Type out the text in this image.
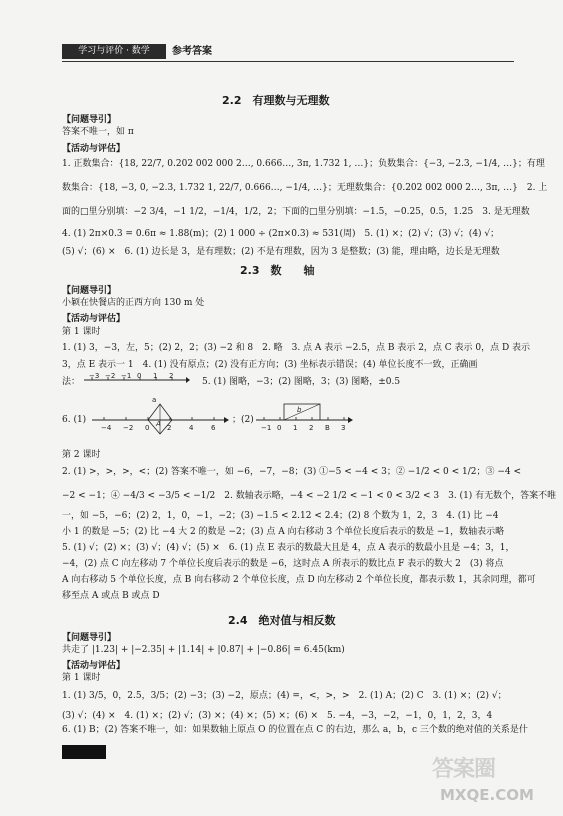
学习与评价 · 数学	参考答案
2.2　有理数与无理数
【问题导引】
答案不唯一，如 π
【活动与评估】
1. 正数集合：{18, 22/7, 0.202 002 000 2…, 0.666…, 3π, 1.732 1, …}；负数集合：{−3, −2.3, −1/4, …}；有理
数集合：{18, −3, 0, −2.3, 1.732 1, 22/7, 0.666…, −1/4, …}；无理数集合：{0.202 002 000 2…, 3π, …}　2. 上
面的□里分别填：−2 3/4，−1 1/2，−1/4，1/2，2；下面的□里分别填：−1.5，−0.25，0.5，1.25　3. 是无理数
4. (1) 2π×0.3 = 0.6π ≈ 1.88(m)；(2) 1 000 ÷ (2π×0.3) ≈ 531(周)　5. (1) ×；(2) √；(3) √；(4) √；
(5) √；(6) ×　6. (1) 边长是 3，是有理数；(2) 不是有理数，因为 3 是整数；(3) 能，理由略，边长是无理数
2.3　数　　轴
【问题导引】
小颖在快餐店的正西方向 130 m 处
【活动与评估】
第 1 课时
1. (1) 3，−3，左，5；(2) 2，2；(3) −2 和 8　2. 略　3. 点 A 表示 −2.5，点 B 表示 2，点 C 表示 0，点 D 表示
3，点 E 表示一 1　4. (1) 没有原点；(2) 没有正方向；(3) 坐标表示错误；(4) 单位长度不一致，正确画
法：
−3 −2 −1 0 1 2
5. (1) 图略，−3；(2) 图略，3；(3) 图略，±0.5
6. (1)
a
A
−4 −2 0	2	4	6
；(2)
b
−1 0 1 2 B 3
第 2 课时
2. (1) >，>，>，<；(2) 答案不唯一，如 −6，−7，−8；(3) ①−5 < −4 < 3；② −1/2 < 0 < 1/2；③ −4 <
−2 < −1；④ −4/3 < −3/5 < −1/2　2. 数轴表示略，−4 < −2 1/2 < −1 < 0 < 3/2 < 3　3. (1) 有无数个，答案不唯
一，如 −5，−6；(2) 2，1，0，−1，−2；(3) −1.5 < 2.12 < 2.4；(2) 8 个数为 1，2，3　4. (1) 比 −4
小 1 的数是 −5；(2) 比 −4 大 2 的数是 −2；(3) 点 A 向右移动 3 个单位长度后表示的数是 −1，数轴表示略
5. (1) √；(2) ×；(3) √；(4) √；(5) ×　6. (1) 点 E 表示的数最大且是 4，点 A 表示的数最小且是 −4；3，1，
−4，(2) 点 C 向左移动 7 个单位长度后表示的数是 −6，这时点 A 所表示的数比点 F 表示的数大 2　(3) 将点
A 向右移动 5 个单位长度，点 B 向右移动 2 个单位长度，点 D 向左移动 2 个单位长度，都表示数 1，其余同理，都可
移至点 A 或点 B 或点 D
2.4　绝对值与相反数
【问题导引】
共走了 |1.23| + |−2.35| + |1.14| + |0.87| + |−0.86| = 6.45(km)
【活动与评估】
第 1 课时
1. (1) 3/5，0，2.5，3/5；(2) −3；(3) −2，原点；(4) =，<，>，>　2. (1) A；(2) C　3. (1) ×；(2) √；
(3) √；(4) ×　4. (1) ×；(2) √；(3) ×；(4) ×；(5) ×；(6) ×　5. −4，−3，−2，−1，0，1，2，3，4
6. (1) B；(2) 答案不唯一，如：如果数轴上原点 O 的位置在点 C 的右边，那么 a，b，c 三个数的绝对值的关系是什
答案圈
MXQE.COM
